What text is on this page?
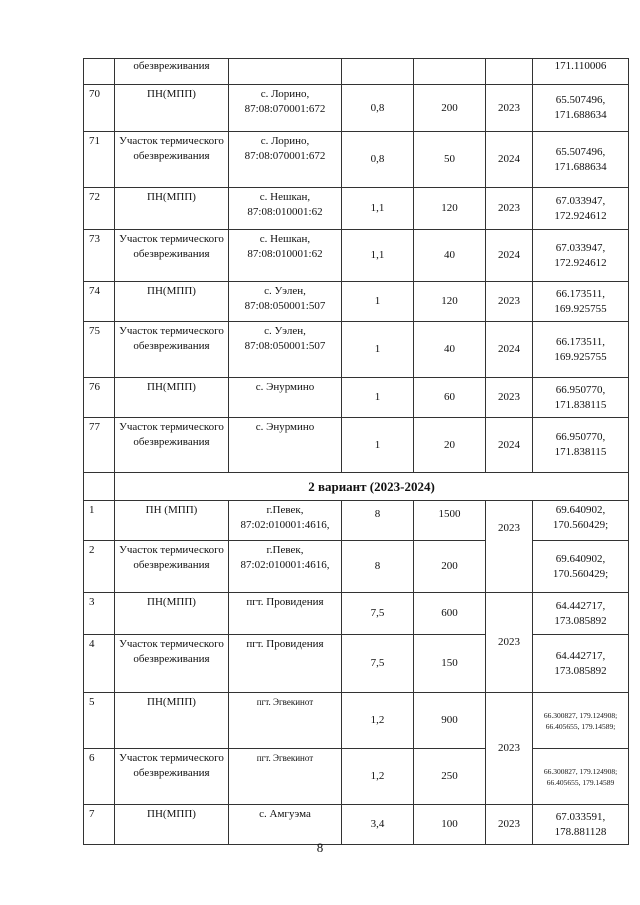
	обезвреживания					171.110006
70	ПН(МПП)	с. Лорино, 87:08:070001:672	0,8	200	2023	65.507496, 171.688634
71	Участок термического обезвреживания	с. Лорино, 87:08:070001:672	0,8	50	2024	65.507496, 171.688634
72	ПН(МПП)	с. Нешкан, 87:08:010001:62	1,1	120	2023	67.033947, 172.924612
73	Участок термического обезвреживания	с. Нешкан, 87:08:010001:62	1,1	40	2024	67.033947, 172.924612
74	ПН(МПП)	с. Уэлен, 87:08:050001:507	1	120	2023	66.173511, 169.925755
75	Участок термического обезвреживания	с. Уэлен, 87:08:050001:507	1	40	2024	66.173511, 169.925755
76	ПН(МПП)	с. Энурмино	1	60	2023	66.950770, 171.838115
77	Участок термического обезвреживания	с. Энурмино	1	20	2024	66.950770, 171.838115
	2 вариант (2023-2024)					
1	ПН (МПП)	г.Певек, 87:02:010001:4616,	8	1500	2023	69.640902, 170.560429;
2	Участок термического обезвреживания	г.Певек, 87:02:010001:4616,	8	200		69.640902, 170.560429;
3	ПН(МПП)	пгт. Провидения	7,5	600	2023	64.442717, 173.085892
4	Участок термического обезвреживания	пгт. Провидения	7,5	150		64.442717, 173.085892
5	ПН(МПП)	пгт. Эгвекинот	1,2	900	2023	66.300827, 179.124908; 66.405655, 179.14589;
6	Участок термического обезвреживания	пгт. Эгвекинот	1,2	250		66.300827, 179.124908; 66.405655, 179.14589
7	ПН(МПП)	с. Амгуэма	3,4	100	2023	67.033591, 178.881128
8
